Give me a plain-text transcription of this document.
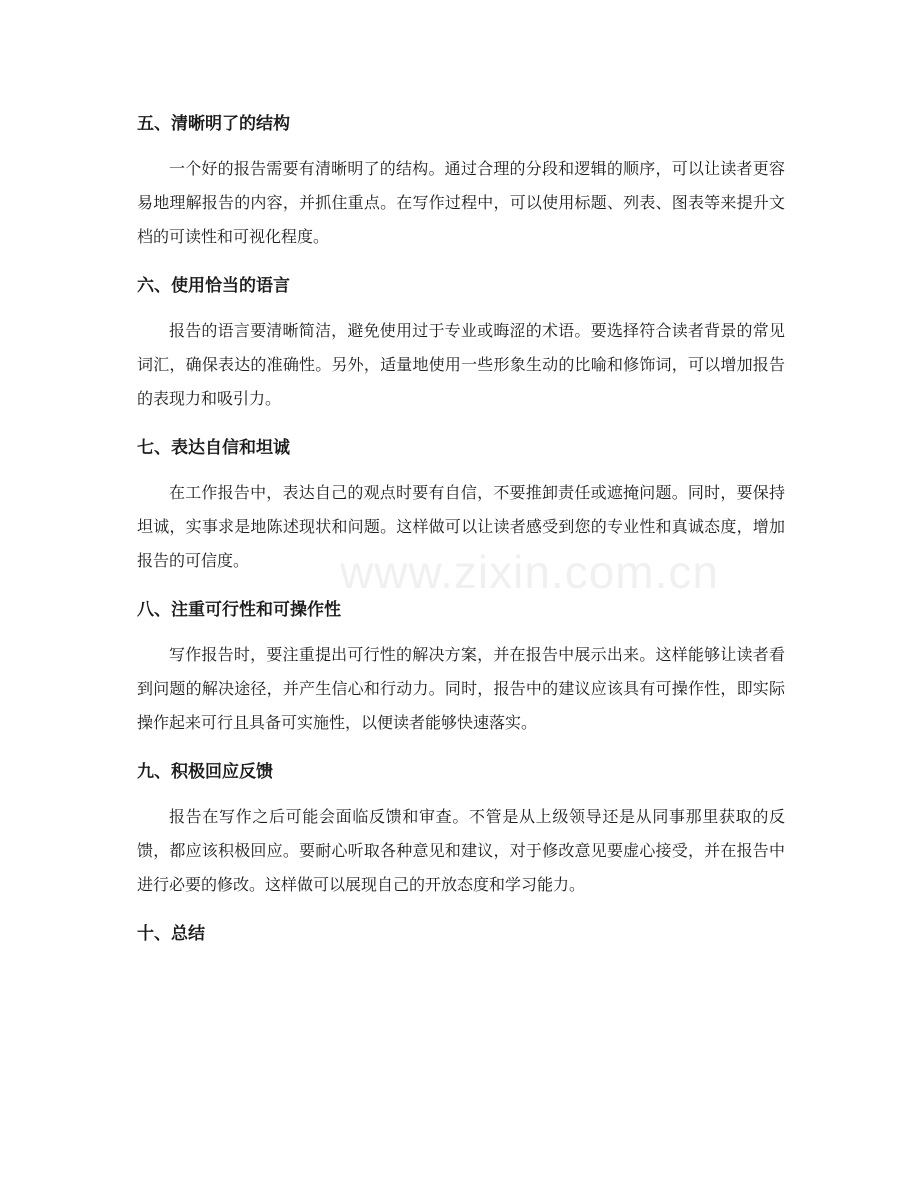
五、清晰明了的结构

一个好的报告需要有清晰明了的结构。通过合理的分段和逻辑的顺序，可以让读者更容易地理解报告的内容，并抓住重点。在写作过程中，可以使用标题、列表、图表等来提升文档的可读性和可视化程度。

六、使用恰当的语言

报告的语言要清晰简洁，避免使用过于专业或晦涩的术语。要选择符合读者背景的常见词汇，确保表达的准确性。另外，适量地使用一些形象生动的比喻和修饰词，可以增加报告的表现力和吸引力。

七、表达自信和坦诚

在工作报告中，表达自己的观点时要有自信，不要推卸责任或遮掩问题。同时，要保持坦诚，实事求是地陈述现状和问题。这样做可以让读者感受到您的专业性和真诚态度，增加报告的可信度。

八、注重可行性和可操作性

写作报告时，要注重提出可行性的解决方案，并在报告中展示出来。这样能够让读者看到问题的解决途径，并产生信心和行动力。同时，报告中的建议应该具有可操作性，即实际操作起来可行且具备可实施性，以便读者能够快速落实。

九、积极回应反馈

报告在写作之后可能会面临反馈和审查。不管是从上级领导还是从同事那里获取的反馈，都应该积极回应。要耐心听取各种意见和建议，对于修改意见要虚心接受，并在报告中进行必要的修改。这样做可以展现自己的开放态度和学习能力。

十、总结
www.zixin.com.cn
